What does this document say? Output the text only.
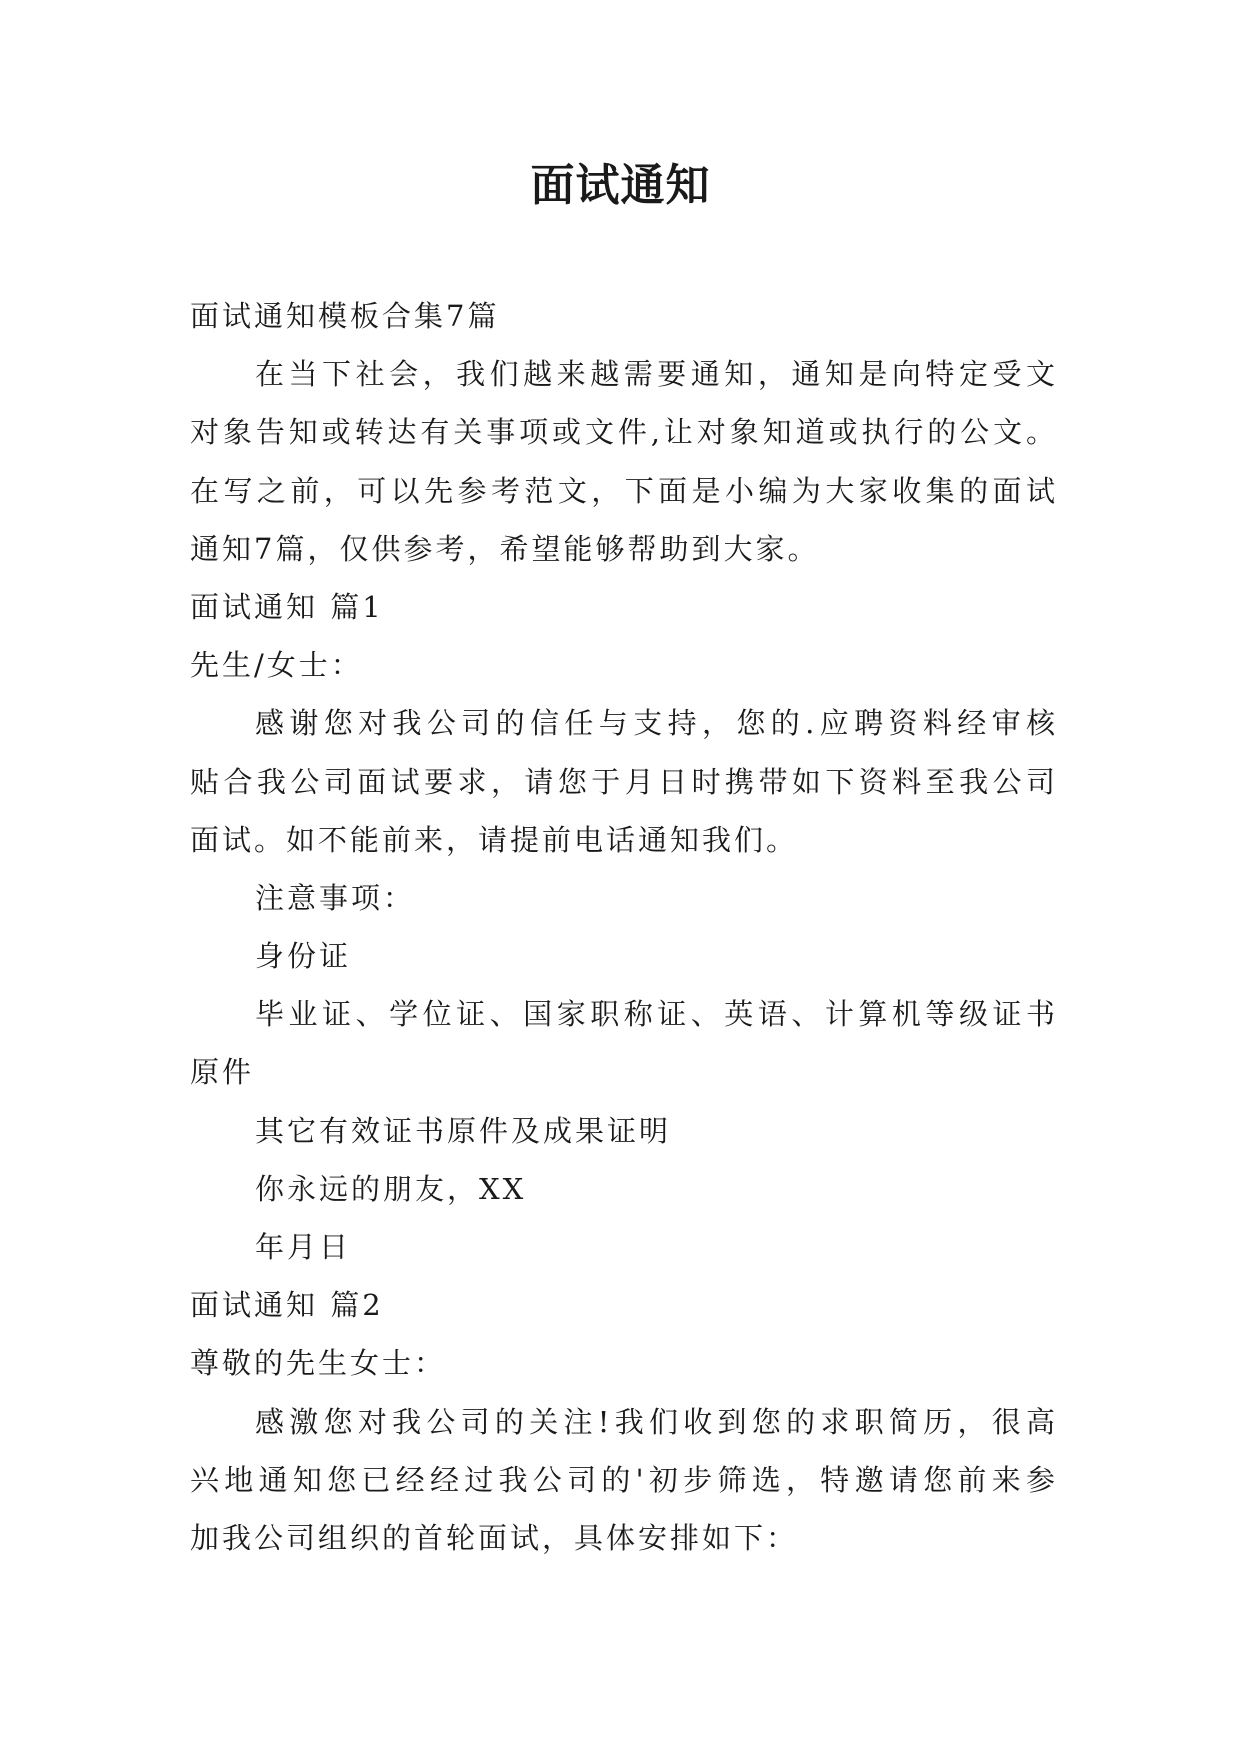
面试通知

面试通知模板合集7篇

在当下社会，我们越来越需要通知，通知是向特定受文

对象告知或转达有关事项或文件,让对象知道或执行的公文。

在写之前，可以先参考范文，下面是小编为大家收集的面试

通知7篇，仅供参考，希望能够帮助到大家。

面试通知 篇1

先生/女士：

感谢您对我公司的信任与支持，您的.应聘资料经审核

贴合我公司面试要求，请您于月日时携带如下资料至我公司

面试。如不能前来，请提前电话通知我们。

注意事项：

身份证

毕业证、学位证、国家职称证、英语、计算机等级证书

原件

其它有效证书原件及成果证明

你永远的朋友，XX

年月日

面试通知 篇2

尊敬的先生女士：

感激您对我公司的关注!我们收到您的求职简历，很高

兴地通知您已经经过我公司的'初步筛选，特邀请您前来参

加我公司组织的首轮面试，具体安排如下：
